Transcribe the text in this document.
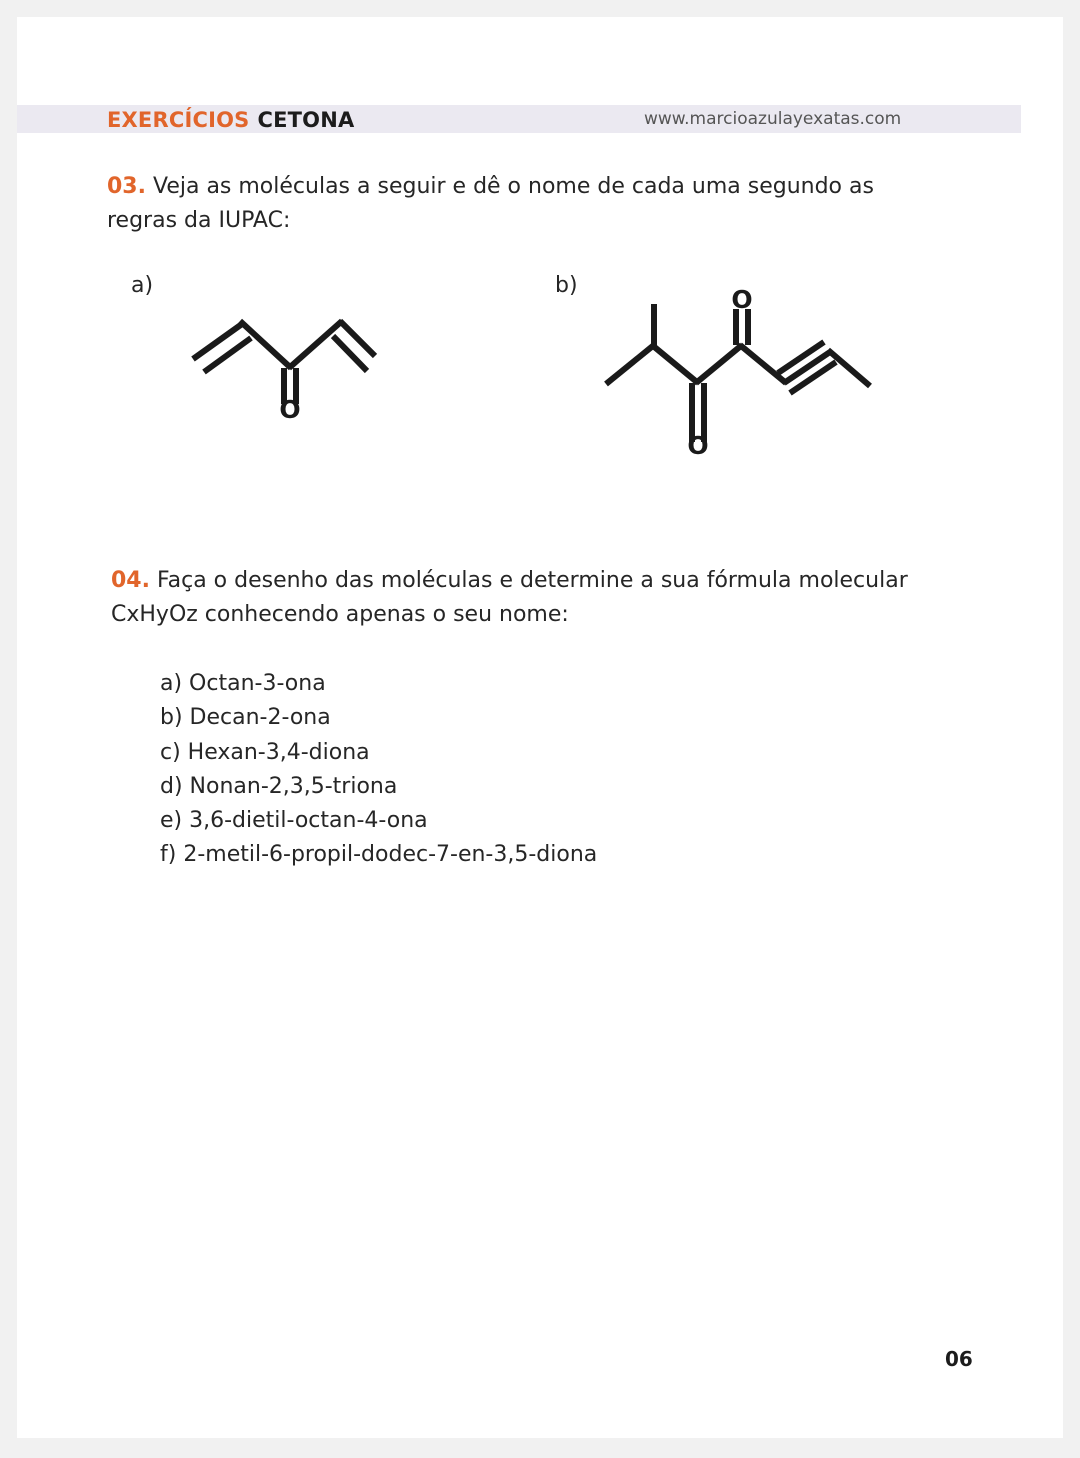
EXERCÍCIOS CETONA	www.marcioazulayexatas.com
03. Veja as moléculas a seguir e dê o nome de cada uma segundo as regras da IUPAC:
a)	b)
O
O
O
04. Faça o desenho das moléculas e determine a sua fórmula molecular CxHyOz conhecendo apenas o seu nome:
a) Octan-3-ona
b) Decan-2-ona
c) Hexan-3,4-diona
d) Nonan-2,3,5-triona
e) 3,6-dietil-octan-4-ona
f) 2-metil-6-propil-dodec-7-en-3,5-diona
06
